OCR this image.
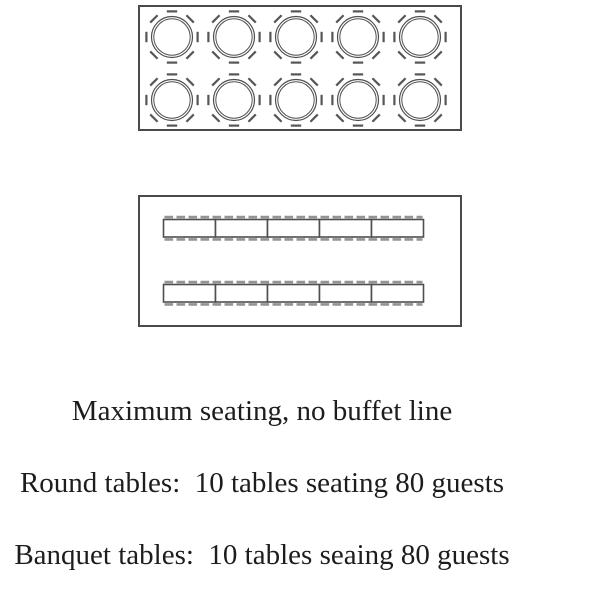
Maximum seating, no buffet line
Round tables:  10 tables seating 80 guests
Banquet tables:  10 tables seaing 80 guests
